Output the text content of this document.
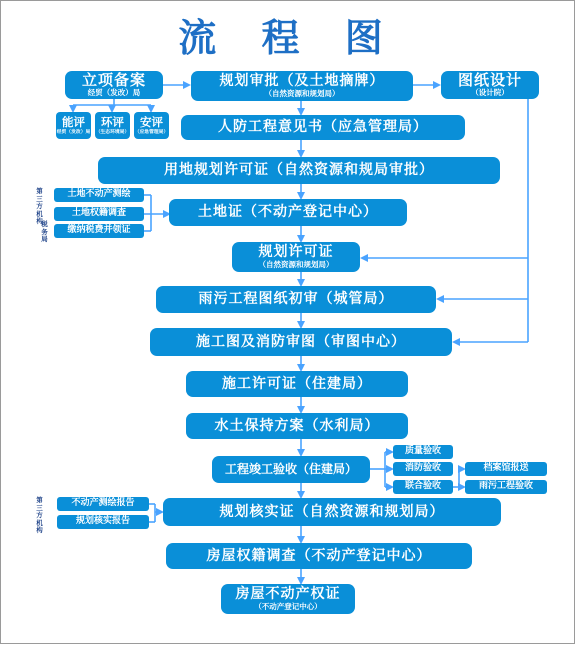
流 程 图
立项备案
经贸（发改）局
规划审批（及土地摘牌）
（自然资源和规划局）
图纸设计
（设计院）
能评
经贸（发改）局
环评
（生态环境局）
安评
（应急管理局）	人防工程意见书（应急管理局）
用地规划许可证（自然资源和规局审批）
第
三
方
机
构
税
务
局
土地不动产测绘
土地权籍调查
缴纳税费并领证
土地证（不动产登记中心）
规划许可证
（自然资源和规划局）
雨污工程图纸初审（城管局）
施工图及消防审图（审图中心）
施工许可证（住建局）
水土保持方案（水利局）
工程竣工验收（住建局）
质量验收
消防验收
联合验收
档案馆报送
雨污工程验收
第
三
方
机
构
不动产测绘报告
规划核实报告
规划核实证（自然资源和规划局）
房屋权籍调查（不动产登记中心）
房屋不动产权证
（不动产登记中心）
